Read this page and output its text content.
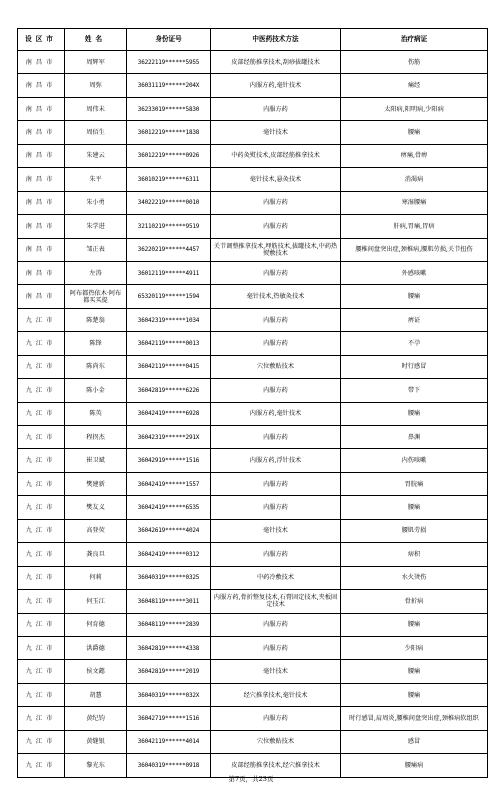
设区市	姓名	身份证号	中医药技术方法	治疗病证
南昌市	周辉军	36222119******5955	皮部经筋推拿技术,刮痧拔罐技术	伤筋
南昌市	周弥	36031119******204X	内服方药,毫针技术	痛经
南昌市	周伟未	36233019******5830	内服方药	太阳病,阳明病,少阳病
南昌市	周佰生	36012219******1838	毫针技术	腰痛
南昌市	朱建云	36012219******0926	中药灸熨技术,皮部经筋推拿技术	痹痛,骨痹
南昌市	朱平	36010219******6311	毫针技术,悬灸技术	消渴病
南昌市	朱小勇	34022219******0010	内服方药	寒湿腰痛
南昌市	朱学进	32110219******9519	内服方药	肝病,胃痛,胃痞
南昌市	邹正表	36220219******4457	关节调整推拿技术,埋筋技术,拔罐技术,中药热熨敷技术	腰椎间盘突出症,颈椎病,腰肌劳损,关节扭伤
南昌市	左涛	36012119******4911	内服方药	外感咳嗽
南昌市	阿布都热依木·阿布都买买提	65320119******1594	毫针技术,热敏灸技术	腰痛
九江市	陈楚翁	36042319******1034	内服方药	痹证
九江市	陈锋	36042119******0013	内服方药	不孕
九江市	陈尚东	36042119******0415	穴位敷贴技术	时行感冒
九江市	陈小金	36042819******6226	内服方药	带下
九江市	陈英	36042419******6928	内服方药,毫针技术	腰痛
九江市	程拐杰	36042319******291X	内服方药	鼻渊
九江市	崔卫斌	36042919******1516	内服方药,浮针技术	内伤咳嗽
九江市	樊建新	36042419******1557	内服方药	胃脘痛
九江市	樊友义	36042419******6535	内服方药	腰痛
九江市	高登荧	36042619******4024	毫针技术	腰肌劳损
九江市	龚良旦	36042419******0312	内服方药	痞积
九江市	何莉	36040319******0325	中药冷敷技术	水火烫伤
九江市	何玉江	36048119******3011	内服方药,骨折整复技术,石膏固定技术,夹板固定技术	骨折病
九江市	何育德	36048119******2839	内服方药	腰痛
九江市	洪爵德	36042819******4338	内服方药	少阳病
九江市	侯文懿	36042819******2019	毫针技术	腰痛
九江市	胡慧	36040319******032X	经穴推拿技术,毫针技术	腰痛
九江市	黄纪钧	36042719******1516	内服方药	时行感冒,肩周炎,腰椎间盘突出症,颈椎病软组织
九江市	黄缝银	36042119******4014	穴位敷贴技术	感冒
九江市	黎光东	36040319******0918	皮部经筋推拿技术,经穴推拿技术	腰痛病
第7页，共23页
